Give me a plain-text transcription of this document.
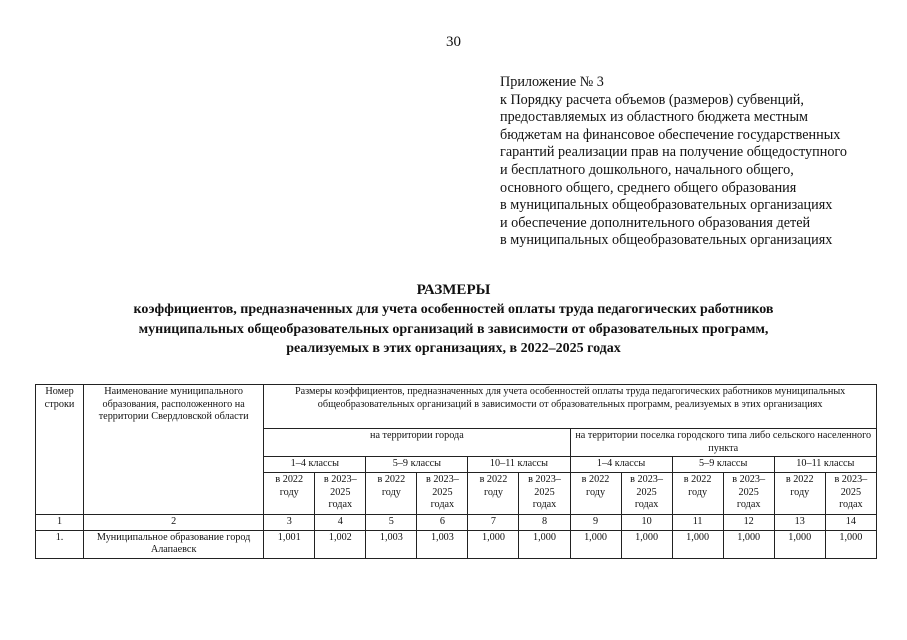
30
Приложение № 3
к Порядку расчета объемов (размеров) субвенций,
предоставляемых из областного бюджета местным
бюджетам на финансовое обеспечение государственных
гарантий реализации прав на получение общедоступного
и бесплатного дошкольного, начального общего,
основного общего, среднего общего образования
в муниципальных общеобразовательных организациях
и обеспечение дополнительного образования детей
в муниципальных общеобразовательных организациях
РАЗМЕРЫ
коэффициентов, предназначенных для учета особенностей оплаты труда педагогических работников
муниципальных общеобразовательных организаций в зависимости от образовательных программ,
реализуемых в этих организациях, в 2022–2025 годах
Номер строки	Наименование муниципального образования, расположенного на территории Свердловской области	Размеры коэффициентов, предназначенных для учета особенностей оплаты труда педагогических работников муниципальных общеобразовательных организаций в зависимости от образовательных программ, реализуемых в этих организациях											
		на территории города						на территории поселка городского типа либо сельского населенного пункта					
		1–4 классы		5–9 классы		10–11 классы		1–4 классы		5–9 классы		10–11 классы	
		в 2022 году	в 2023–2025 годах	в 2022 году	в 2023–2025 годах	в 2022 году	в 2023–2025 годах	в 2022 году	в 2023–2025 годах	в 2022 году	в 2023–2025 годах	в 2022 году	в 2023–2025 годах
1	2	3	4	5	6	7	8	9	10	11	12	13	14
1.	Муниципальное образование город Алапаевск	1,001	1,002	1,003	1,003	1,000	1,000	1,000	1,000	1,000	1,000	1,000	1,000
